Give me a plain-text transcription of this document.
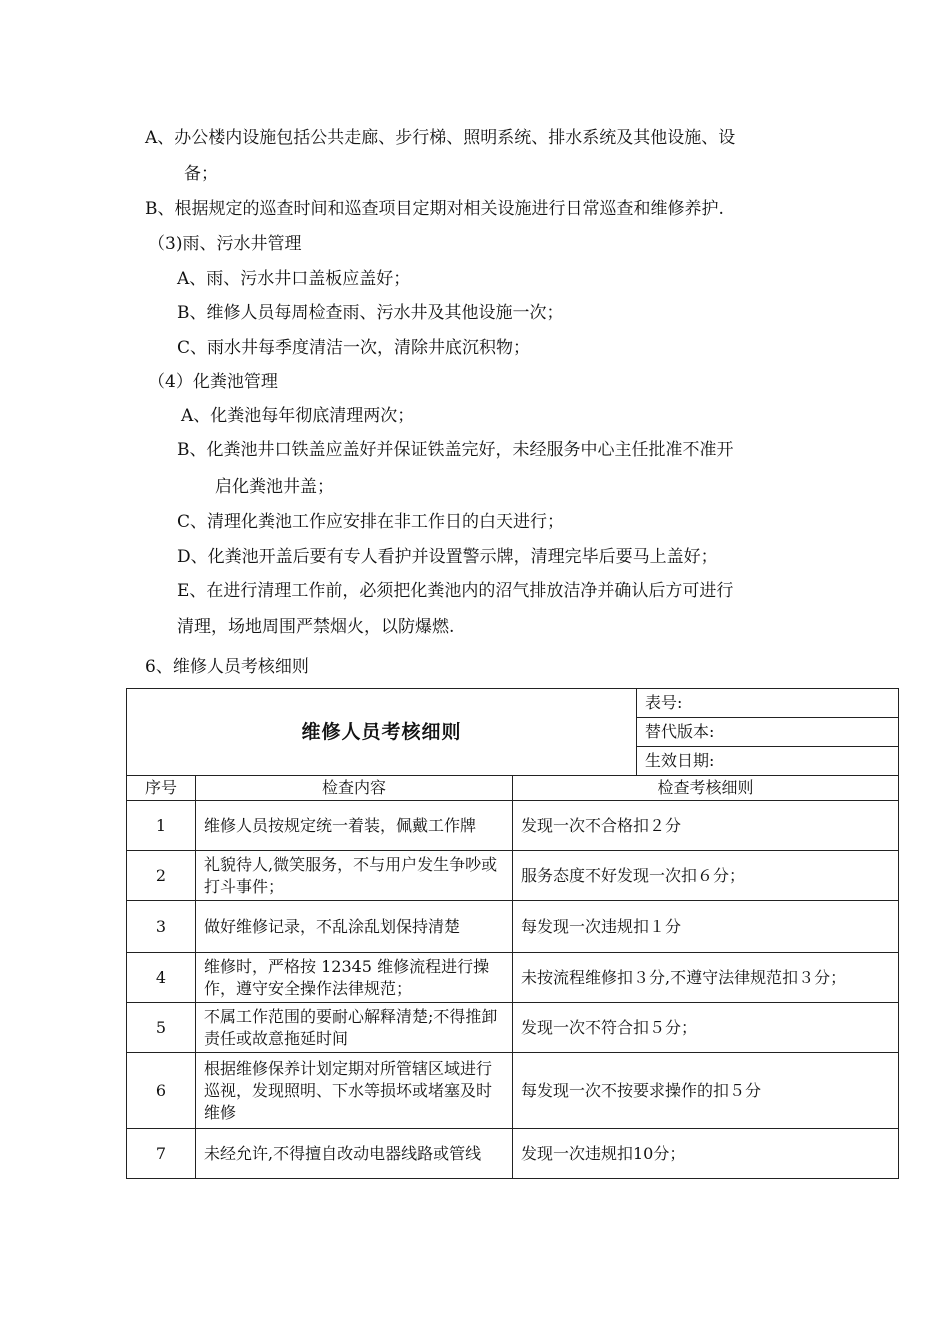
A、办公楼内设施包括公共走廊、步行梯、照明系统、排水系统及其他设施、设
备；
B、根据规定的巡查时间和巡查项目定期对相关设施进行日常巡查和维修养护.
（3)雨、污水井管理
A、雨、污水井口盖板应盖好；
B、维修人员每周检查雨、污水井及其他设施一次；
C、雨水井每季度清洁一次，清除井底沉积物；
（4）化粪池管理
A、化粪池每年彻底清理两次；
B、化粪池井口铁盖应盖好并保证铁盖完好，未经服务中心主任批准不准开
启化粪池井盖；
C、清理化粪池工作应安排在非工作日的白天进行；
D、化粪池开盖后要有专人看护并设置警示牌，清理完毕后要马上盖好；
E、在进行清理工作前，必须把化粪池内的沼气排放洁净并确认后方可进行
清理，场地周围严禁烟火，以防爆燃.
6、维修人员考核细则
维修人员考核细则			表号:
			替代版本:
			生效日期:
序号	检查内容	检查考核细则	
1	维修人员按规定统一着装，佩戴工作牌	发现一次不合格扣２分	
2	礼貌待人,微笑服务，不与用户发生争吵或打斗事件；	服务态度不好发现一次扣６分；	
3	做好维修记录，不乱涂乱划保持清楚	每发现一次违规扣１分	
4	维修时，严格按 12345 维修流程进行操作，遵守安全操作法律规范；	未按流程维修扣３分,不遵守法律规范扣３分；	
5	不属工作范围的要耐心解释清楚;不得推卸责任或故意拖延时间	发现一次不符合扣５分；	
6	根据维修保养计划定期对所管辖区域进行巡视，发现照明、下水等损坏或堵塞及时维修	每发现一次不按要求操作的扣５分	
7	未经允许,不得擅自改动电器线路或管线	发现一次违规扣10分；	
